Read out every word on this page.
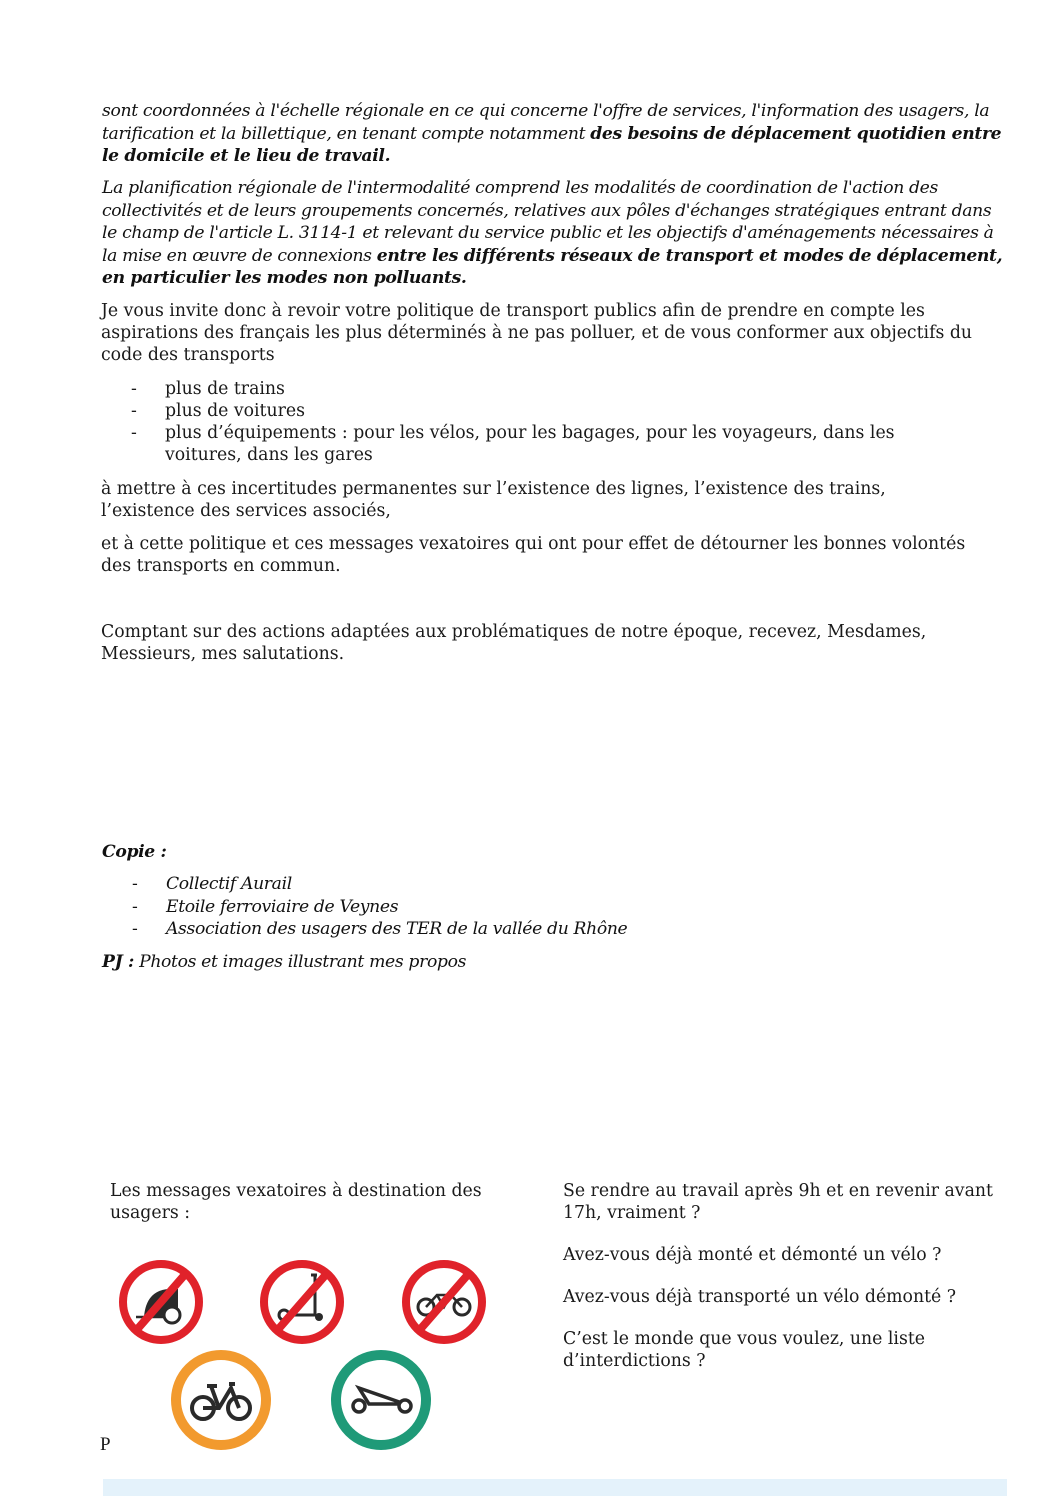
sont coordonnées à l'échelle régionale en ce qui concerne l'offre de services, l'information des usagers, la tarification et la billettique, en tenant compte notamment des besoins de déplacement quotidien entre le domicile et le lieu de travail.

La planification régionale de l'intermodalité comprend les modalités de coordination de l'action des collectivités et de leurs groupements concernés, relatives aux pôles d'échanges stratégiques entrant dans le champ de l'article L. 3114-1 et relevant du service public et les objectifs d'aménagements nécessaires à la mise en œuvre de connexions entre les différents réseaux de transport et modes de déplacement, en particulier les modes non polluants.

Je vous invite donc à revoir votre politique de transport publics afin de prendre en compte les aspirations des français les plus déterminés à ne pas polluer, et de vous conformer aux objectifs du code des transports

- plus de trains
- plus de voitures
- plus d’équipements : pour les vélos, pour les bagages, pour les voyageurs, dans les voitures, dans les gares

à mettre à ces incertitudes permanentes sur l’existence des lignes, l’existence des trains, l’existence des services associés,

et à cette politique et ces messages vexatoires qui ont pour effet de détourner les bonnes volontés des transports en commun.

Comptant sur des actions adaptées aux problématiques de notre époque, recevez, Mesdames, Messieurs, mes salutations.

Copie :

- Collectif Aurail
- Etoile ferroviaire de Veynes
- Association des usagers des TER de la vallée du Rhône

PJ : Photos et images illustrant mes propos

Les messages vexatoires à destination des usagers :

Se rendre au travail après 9h et en revenir avant 17h, vraiment ?

Avez-vous déjà monté et démonté un vélo ?

Avez-vous déjà transporté un vélo démonté ?

C’est le monde que vous voulez, une liste d’interdictions ?

P
